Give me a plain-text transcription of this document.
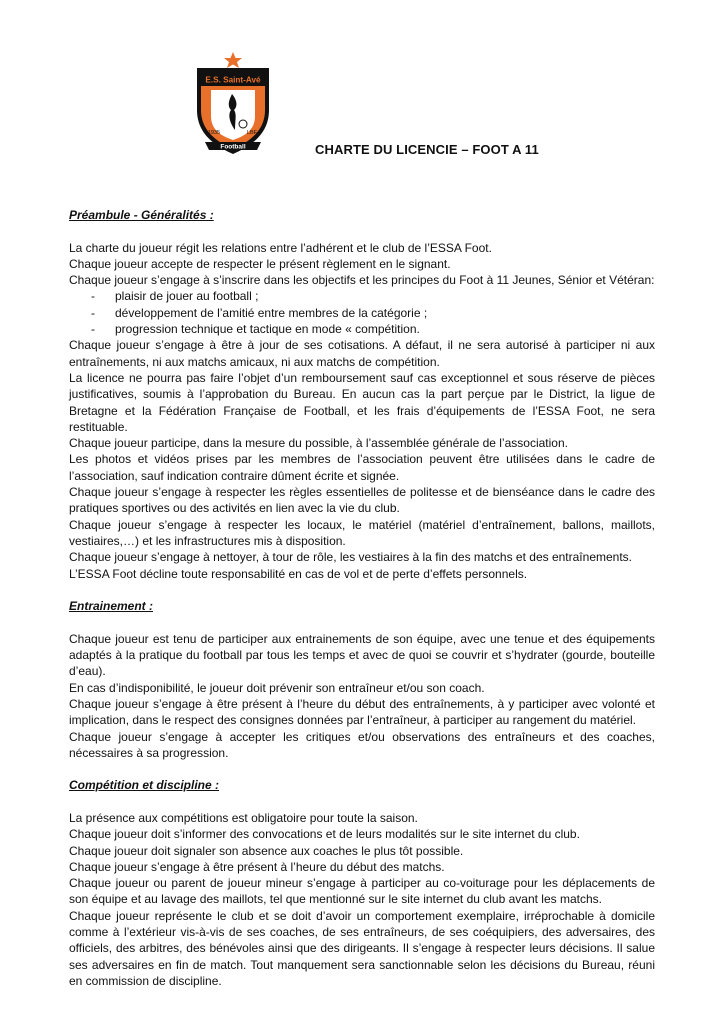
E.S. Saint-Avé
1935	LBF
Football	CHARTE DU LICENCIE – FOOT A 11

Préambule - Généralités :

La charte du joueur régit les relations entre l’adhérent et le club de l’ESSA Foot.

Chaque joueur accepte de respecter le présent règlement en le signant.

Chaque joueur s’engage à s’inscrire dans les objectifs et les principes du Foot à 11 Jeunes, Sénior et Vétéran:

- plaisir de jouer au football ;
- développement de l’amitié entre membres de la catégorie ;
- progression technique et tactique en mode « compétition.

Chaque joueur s’engage à être à jour de ses cotisations. A défaut, il ne sera autorisé à participer ni aux entraînements, ni aux matchs amicaux, ni aux matchs de compétition.

La licence ne pourra pas faire l’objet d’un remboursement sauf cas exceptionnel et sous réserve de pièces justificatives, soumis à l’approbation du Bureau. En aucun cas la part perçue par le District, la ligue de Bretagne et la Fédération Française de Football, et les frais d’équipements de l’ESSA Foot, ne sera restituable.

Chaque joueur participe, dans la mesure du possible, à l’assemblée générale de l’association.

Les photos et vidéos prises par les membres de l’association peuvent être utilisées dans le cadre de l’association, sauf indication contraire dûment écrite et signée.

Chaque joueur s’engage à respecter les règles essentielles de politesse et de bienséance dans le cadre des pratiques sportives ou des activités en lien avec la vie du club.

Chaque joueur s’engage à respecter les locaux, le matériel (matériel d’entraînement, ballons, maillots, vestiaires,…) et les infrastructures mis à disposition.

Chaque joueur s’engage à nettoyer, à tour de rôle, les vestiaires à la fin des matchs et des entraînements.

L’ESSA Foot décline toute responsabilité en cas de vol et de perte d’effets personnels.

Entrainement :

Chaque joueur est tenu de participer aux entrainements de son équipe, avec une tenue et des équipements adaptés à la pratique du football par tous les temps et avec de quoi se couvrir et s’hydrater (gourde, bouteille d’eau).

En cas d’indisponibilité, le joueur doit prévenir son entraîneur et/ou son coach.

Chaque joueur s’engage à être présent à l’heure du début des entraînements, à y participer avec volonté et implication, dans le respect des consignes données par l’entraîneur, à participer au rangement du matériel.

Chaque joueur s’engage à accepter les critiques et/ou observations des entraîneurs et des coaches, nécessaires à sa progression.

Compétition et discipline :

La présence aux compétitions est obligatoire pour toute la saison.

Chaque joueur doit s’informer des convocations et de leurs modalités sur le site internet du club.

Chaque joueur doit signaler son absence aux coaches le plus tôt possible.

Chaque joueur s’engage à être présent à l’heure du début des matchs.

Chaque joueur ou parent de joueur mineur s’engage à participer au co-voiturage pour les déplacements de son équipe et au lavage des maillots, tel que mentionné sur le site internet du club avant les matchs.

Chaque joueur représente le club et se doit d’avoir un comportement exemplaire, irréprochable à domicile comme à l’extérieur vis-à-vis de ses coaches, de ses entraîneurs, de ses coéquipiers, des adversaires, des officiels, des arbitres, des bénévoles ainsi que des dirigeants. Il s’engage à respecter leurs décisions. Il salue ses adversaires en fin de match. Tout manquement sera sanctionnable selon les décisions du Bureau, réuni en commission de discipline.
